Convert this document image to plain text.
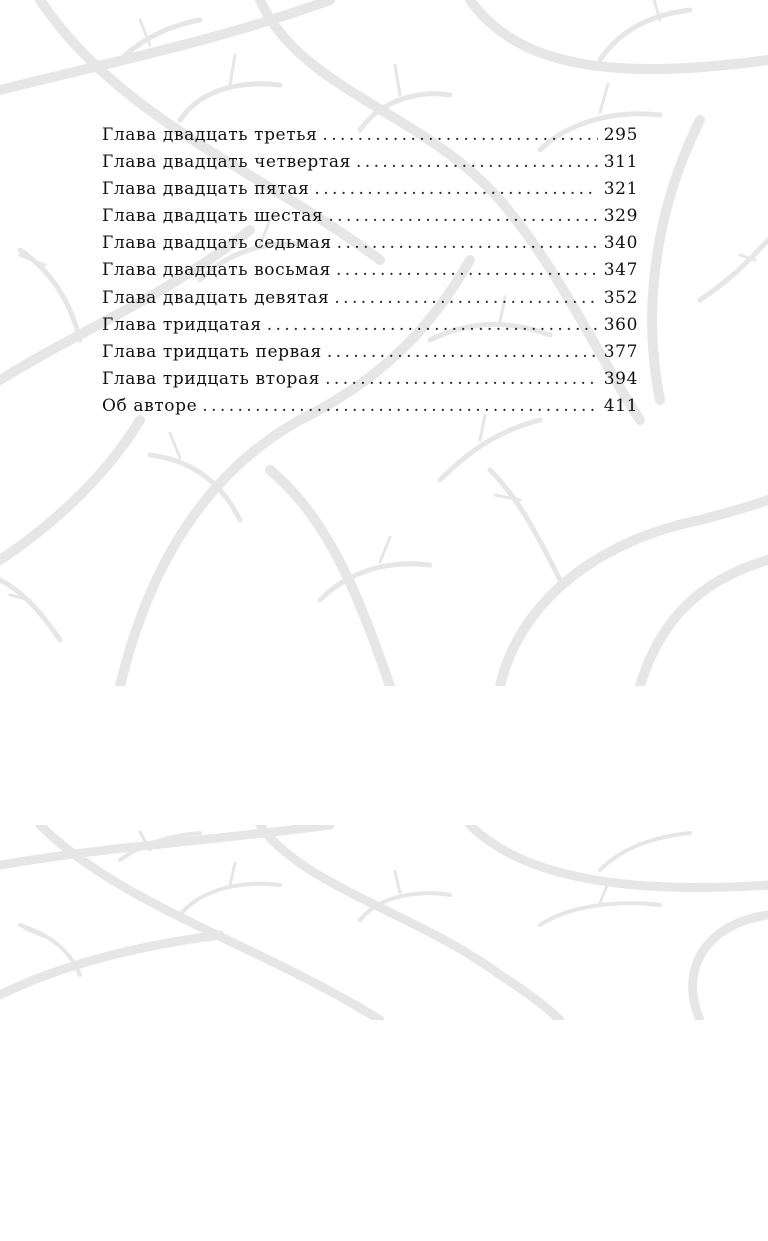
Глава двадцать третья . . .	295
Глава двадцать четвертая . . .	311
Глава двадцать пятая . . .	321
Глава двадцать шестая . . .	329
Глава двадцать седьмая . . .	340
Глава двадцать восьмая . . .	347
Глава двадцать девятая . . .	352
Глава тридцатая . . .	360
Глава тридцать первая . . .	377
Глава тридцать вторая . . .	394
Об авторе . . .	411
